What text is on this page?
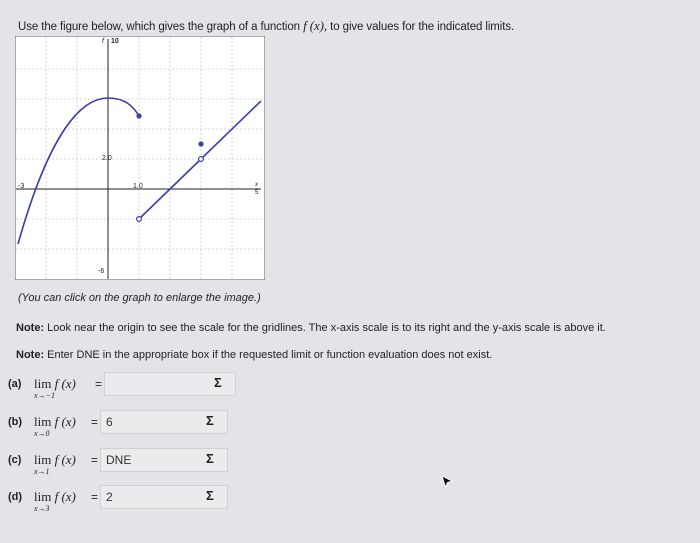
Use the figure below, which gives the graph of a function f (x), to give values for the indicated limits.
f 10
2.0
-3	1.0
-6
x
5
(You can click on the graph to enlarge the image.)
Note: Look near the origin to see the scale for the gridlines. The x-axis scale is to its right and the y-axis scale is above it.
Note: Enter DNE in the appropriate box if the requested limit or function evaluation does not exist.
(a) lim f (x)
x→−1
=	Σ
(b) lim f (x)
x→0
= 6	Σ
(c) lim f (x)
x→1
= DNE	Σ
(d) lim f (x)
x→3
= 2	Σ
